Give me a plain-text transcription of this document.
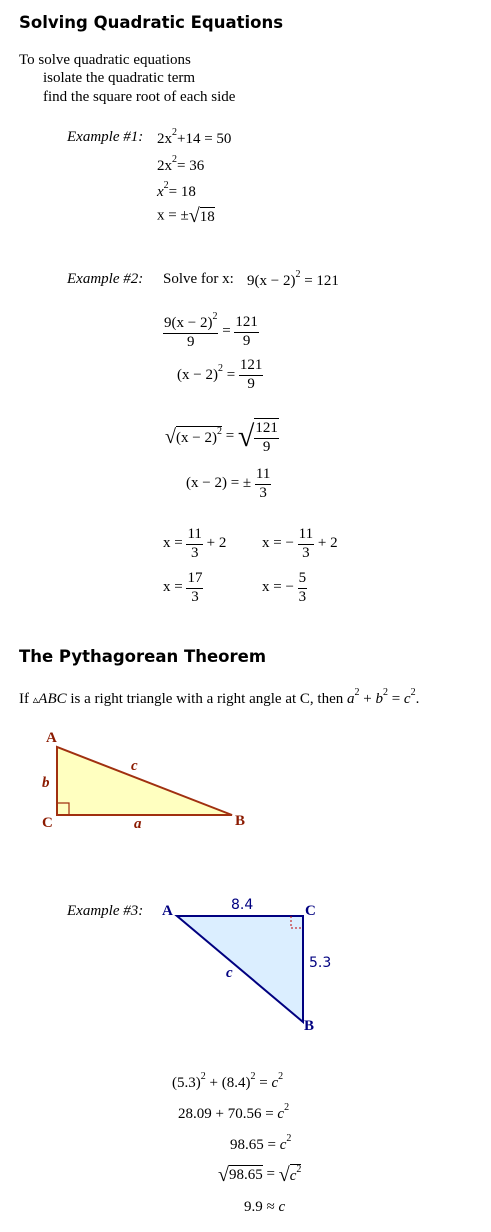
Solving Quadratic Equations
To solve quadratic equations
isolate the quadratic term
find the square root of each side
Example #1: $2x^2+14 = 50$
$2x^2= 36$
$x^2= 18$
x = ±√18
Example #2: Solve for x: $9(x - 2)^2 = 121$
$\frac{9(x - 2)^2}{9} = \frac{121}{9}$
$(x - 2)^2 = \frac{121}{9}$
$√(x - 2)^2$ = √ $\frac{121}{9}$
(x − 2) = ± $\frac{11}{3}$
$x = \frac{11}{3} + 2$ x = − $\frac{11}{3} + 2$
$x = \frac{17}{3}$	x = − $\frac{5}{3}$
The Pythagorean Theorem
If ▵ABC is a right triangle with a right angle at C, then $a^2 + b^2 = c^2$.
A
C	B
b
a
c
Example #3: A	C
B
8.4
5.3
c
$(5.3)^2 + (8.4)^2 = c^2$
$28.09 + 70.56 = c^2$
$98.65 = c^2$
$√98.65 = √c^2$
9.9 ≈ c
